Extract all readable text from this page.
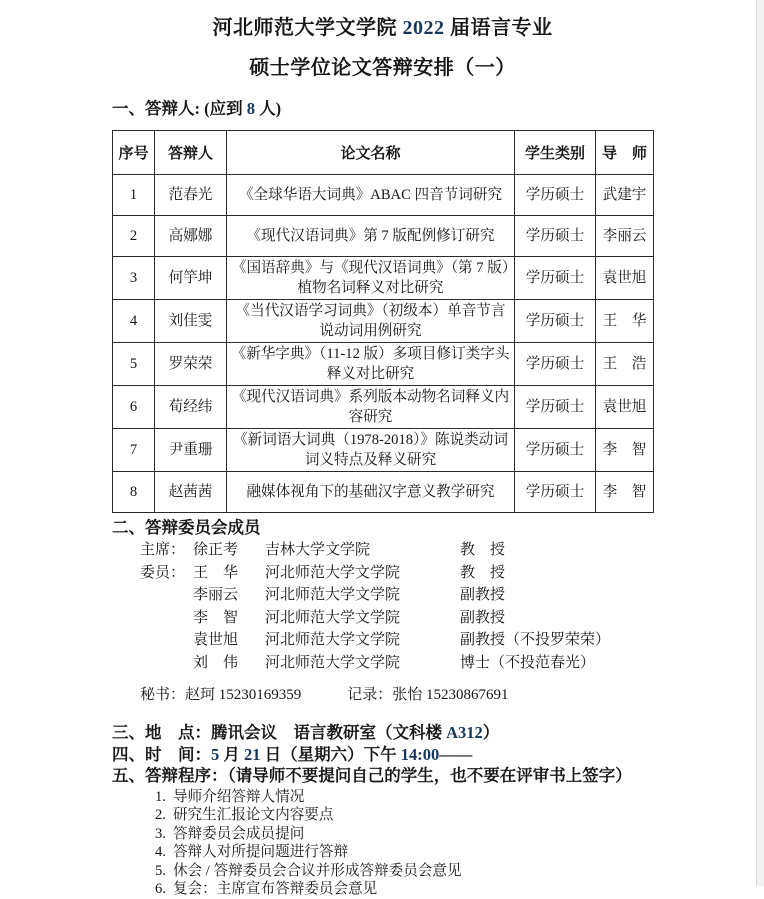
河北师范大学文学院 2022 届语言专业
硕士学位论文答辩安排（一）
一、答辩人: (应到 8 人)
序号	答辩人	论文名称	学生类别	导　师
1	范春光	《全球华语大词典》ABAC 四音节词研究	学历硕士	武建宇
2	高娜娜	《现代汉语词典》第 7 版配例修订研究	学历硕士	李丽云
3	何竽坤	《国语辞典》与《现代汉语词典》（第 7 版）植物名词释义对比研究	学历硕士	袁世旭
4	刘佳雯	《当代汉语学习词典》（初级本）单音节言说动词用例研究	学历硕士	王　华
5	罗荣荣	《新华字典》（11-12 版）多项目修订类字头释义对比研究	学历硕士	王　浩
6	荀经纬	《现代汉语词典》系列版本动物名词释义内容研究	学历硕士	袁世旭
7	尹重珊	《新词语大词典（1978-2018）》陈说类动词词义特点及释义研究	学历硕士	李　智
8	赵茜茜	融媒体视角下的基础汉字意义教学研究	学历硕士	李　智
二、答辩委员会成员
主席： 徐正考 吉林大学文学院	教　授
委员： 王　华 河北师范大学文学院	教　授
李丽云 河北师范大学文学院	副教授
李　智 河北师范大学文学院	副教授
袁世旭 河北师范大学文学院	副教授（不投罗荣荣）
刘　伟 河北师范大学文学院	博士（不投范春光）
秘书：赵珂 15230169359	记录：张怡 15230867691
三、地　点：腾讯会议　语言教研室（文科楼 A312）
四、时　间：5 月 21 日（星期六）下午 14:00——
五、答辩程序：（请导师不要提问自己的学生，也不要在评审书上签字）
1. 导师介绍答辩人情况
2. 研究生汇报论文内容要点
3. 答辩委员会成员提问
4. 答辩人对所提问题进行答辩
5. 休会 / 答辩委员会合议并形成答辩委员会意见
6. 复会：主席宣布答辩委员会意见
